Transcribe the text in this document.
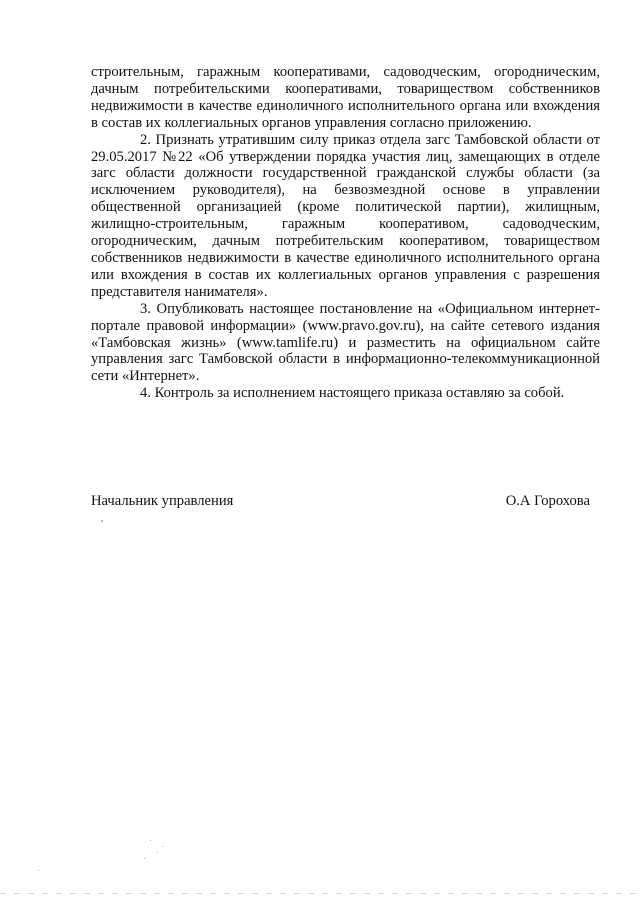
строительным, гаражным кооперативами, садоводческим, огородническим, дачным потребительскими кооперативами, товариществом собственников недвижимости в качестве единоличного исполнительного органа или вхождения в состав их коллегиальных органов управления согласно приложению.

2. Признать утратившим силу приказ отдела загс Тамбовской области от 29.05.2017 №22 «Об утверждении порядка участия лиц, замещающих в отделе загс области должности государственной гражданской службы области (за исключением руководителя), на безвозмездной основе в управлении общественной организацией (кроме политической партии), жилищным, жилищно-строительным, гаражным кооперативом, садоводческим, огородническим, дачным потребительским кооперативом, товариществом собственников недвижимости в качестве единоличного исполнительного органа или вхождения в состав их коллегиальных органов управления с разрешения представителя нанимателя».

3. Опубликовать настоящее постановление на «Официальном интернет-портале правовой информации» (www.pravo.gov.ru), на сайте сетевого издания «Тамбовская жизнь» (www.tamlife.ru) и разместить на официальном сайте управления загс Тамбовской области в информационно-телекоммуникационной сети «Интернет».

4. Контроль за исполнением настоящего приказа оставляю за собой.

Начальник управления	О.А Горохова
